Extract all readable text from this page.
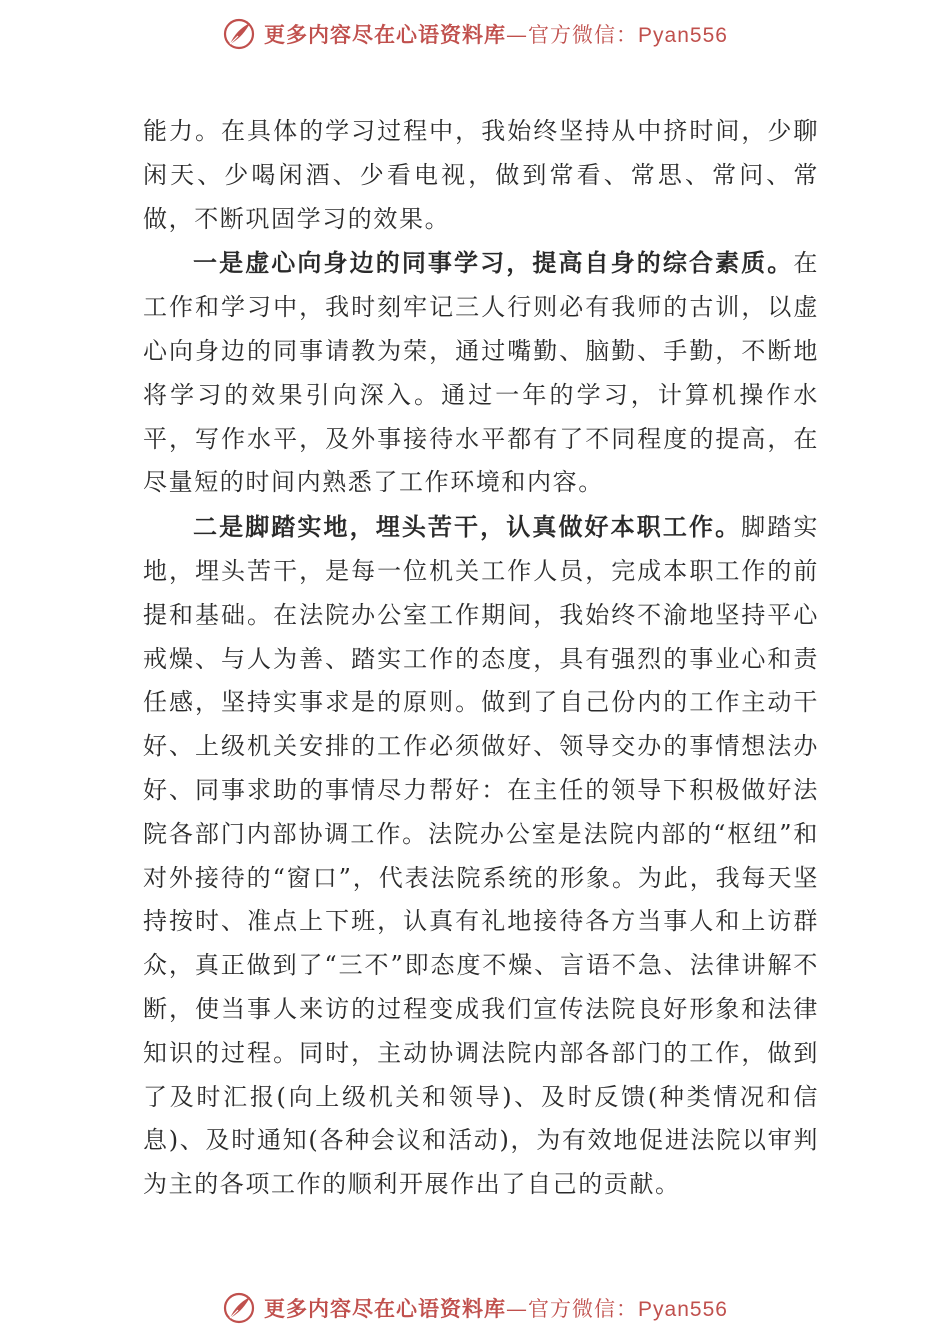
更多内容尽在心语资料库—官方微信：Pyan556

能力。在具体的学习过程中，我始终坚持从中挤时间，少聊闲天、少喝闲酒、少看电视，做到常看、常思、常问、常做，不断巩固学习的效果。

一是虚心向身边的同事学习，提高自身的综合素质。在工作和学习中，我时刻牢记三人行则必有我师的古训，以虚心向身边的同事请教为荣，通过嘴勤、脑勤、手勤，不断地将学习的效果引向深入。通过一年的学习，计算机操作水平，写作水平，及外事接待水平都有了不同程度的提高，在尽量短的时间内熟悉了工作环境和内容。

二是脚踏实地，埋头苦干，认真做好本职工作。脚踏实地，埋头苦干，是每一位机关工作人员，完成本职工作的前提和基础。在法院办公室工作期间，我始终不渝地坚持平心戒燥、与人为善、踏实工作的态度，具有强烈的事业心和责任感，坚持实事求是的原则。做到了自己份内的工作主动干好、上级机关安排的工作必须做好、领导交办的事情想法办好、同事求助的事情尽力帮好：在主任的领导下积极做好法院各部门内部协调工作。法院办公室是法院内部的“枢纽”和对外接待的“窗口”，代表法院系统的形象。为此，我每天坚持按时、准点上下班，认真有礼地接待各方当事人和上访群众，真正做到了“三不”即态度不燥、言语不急、法律讲解不断，使当事人来访的过程变成我们宣传法院良好形象和法律知识的过程。同时，主动协调法院内部各部门的工作，做到了及时汇报(向上级机关和领导)、及时反馈(种类情况和信息)、及时通知(各种会议和活动)，为有效地促进法院以审判为主的各项工作的顺利开展作出了自己的贡献。

更多内容尽在心语资料库—官方微信：Pyan556
